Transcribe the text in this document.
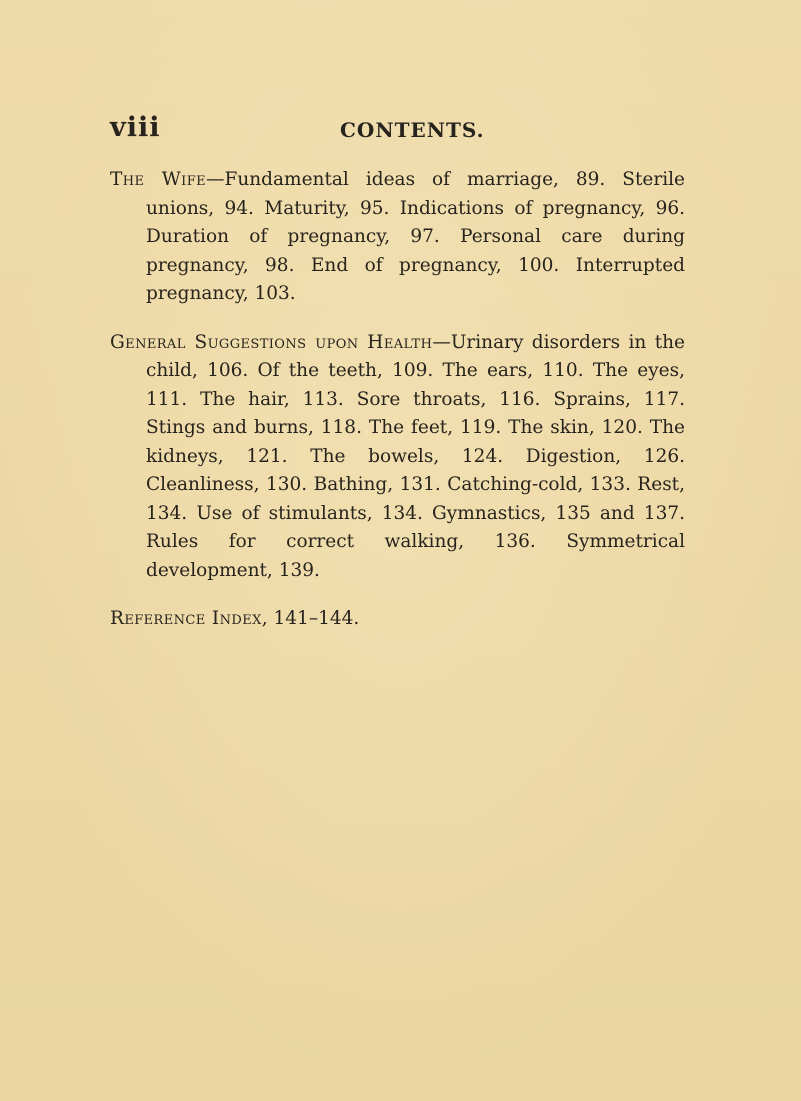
viii	CONTENTS.

The Wife—Fundamental ideas of marriage, 89. Sterile unions, 94. Maturity, 95. Indications of pregnancy, 96. Duration of pregnancy, 97. Personal care during pregnancy, 98. End of pregnancy, 100. Interrupted pregnancy, 103.

General Suggestions upon Health—Urinary disorders in the child, 106. Of the teeth, 109. The ears, 110. The eyes, 111. The hair, 113. Sore throats, 116. Sprains, 117. Stings and burns, 118. The feet, 119. The skin, 120. The kidneys, 121. The bowels, 124. Digestion, 126. Cleanliness, 130. Bathing, 131. Catching-cold, 133. Rest, 134. Use of stimulants, 134. Gymnastics, 135 and 137. Rules for correct walking, 136. Symmetrical development, 139.

Reference Index, 141–144.
